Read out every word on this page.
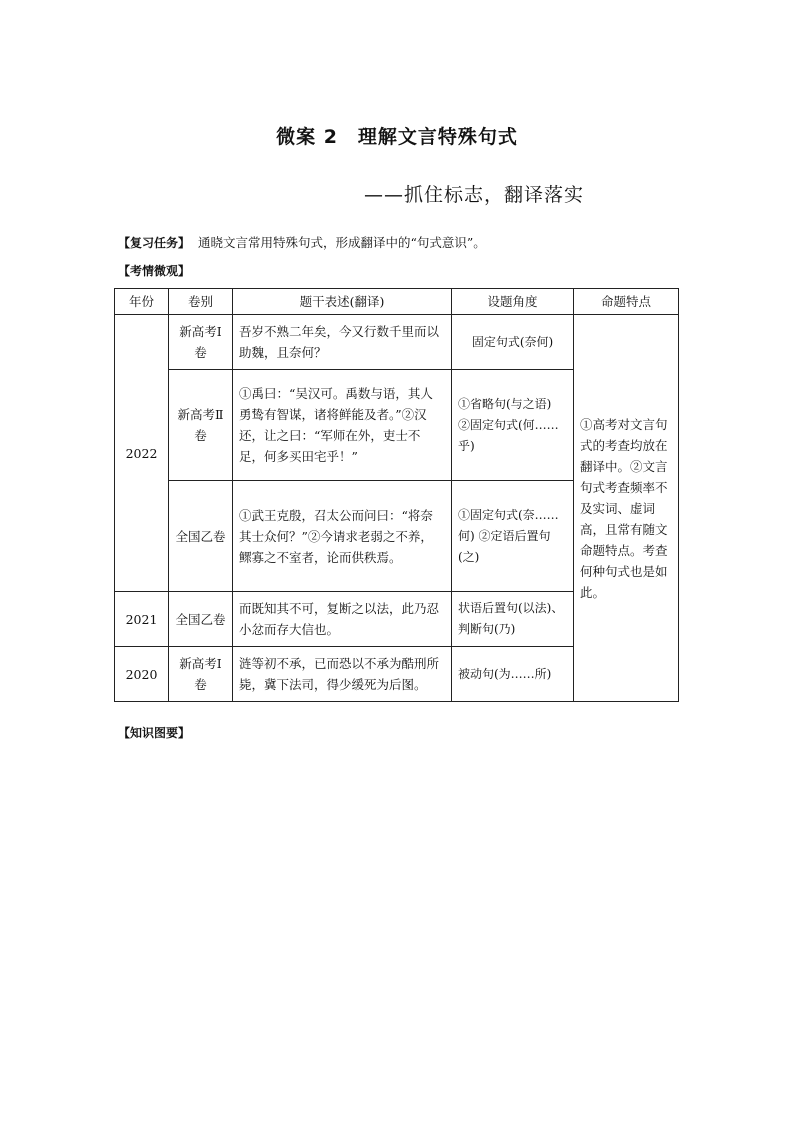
微案 2　理解文言特殊句式
——抓住标志，翻译落实
【复习任务】 通晓文言常用特殊句式，形成翻译中的“句式意识”。
【考情微观】
年份	卷别	题干表述(翻译)	设题角度	命题特点
2022	新高考Ⅰ卷	吾岁不熟二年矣，今又行数千里而以助魏，且奈何？	固定句式(奈何)	①高考对文言句式的考查均放在翻译中。②文言句式考查频率不及实词、虚词高，且常有随文命题特点。考查何种句式也是如此。
	新高考Ⅱ卷	①禹曰：“吴汉可。禹数与语，其人勇鸷有智谋，诸将鲜能及者。”②汉还，让之曰：“军师在外，吏士不足，何多买田宅乎！”	①省略句(与之语) ②固定句式(何……乎)	
	全国乙卷	①武王克殷，召太公而问曰：“将奈其士众何？”②今请求老弱之不养，鳏寡之不室者，论而供秩焉。	①固定句式(奈……何) ②定语后置句(之)	
2021	全国乙卷	而既知其不可，复断之以法，此乃忍小忿而存大信也。	状语后置句(以法)、判断句(乃)	
2020	新高考Ⅰ卷	涟等初不承，已而恐以不承为酷刑所毙，冀下法司，得少缓死为后图。	被动句(为……所)	
【知识图要】
